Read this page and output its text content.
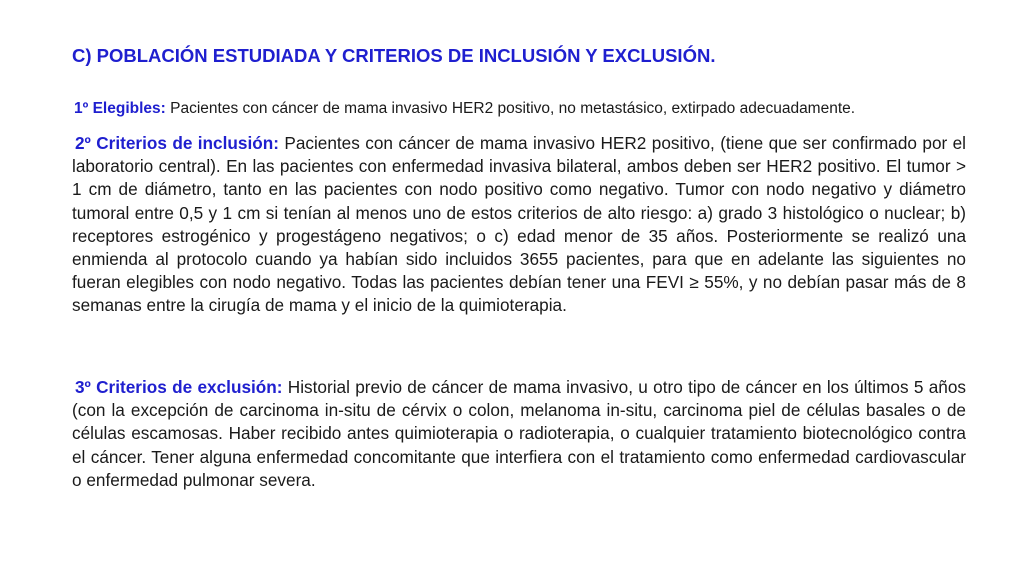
C) POBLACIÓN ESTUDIADA Y CRITERIOS DE INCLUSIÓN Y EXCLUSIÓN.
1º Elegibles: Pacientes con cáncer de mama invasivo HER2 positivo, no metastásico, extirpado adecuadamente.
2º Criterios de inclusión: Pacientes con cáncer de mama invasivo HER2 positivo, (tiene que ser confirmado por el laboratorio central). En las pacientes con enfermedad invasiva bilateral, ambos deben ser HER2 positivo. El tumor > 1 cm de diámetro, tanto en las pacientes con nodo positivo como negativo. Tumor con nodo negativo y diámetro tumoral entre 0,5 y 1 cm si tenían al menos uno de estos criterios de alto riesgo: a) grado 3 histológico o nuclear; b) receptores estrogénico y progestágeno negativos; o c) edad menor de 35 años. Posteriormente se realizó una enmienda al protocolo cuando ya habían sido incluidos 3655 pacientes, para que en adelante las siguientes no fueran elegibles con nodo negativo. Todas las pacientes debían tener una FEVI ≥ 55%, y no debían pasar más de 8 semanas entre la cirugía de mama y el inicio de la quimioterapia.
3º Criterios de exclusión: Historial previo de cáncer de mama invasivo, u otro tipo de cáncer en los últimos 5 años (con la excepción de carcinoma in-situ de cérvix o colon, melanoma in-situ, carcinoma piel de células basales o de células escamosas. Haber recibido antes quimioterapia o radioterapia, o cualquier tratamiento biotecnológico contra el cáncer. Tener alguna enfermedad concomitante que interfiera con el tratamiento como enfermedad cardiovascular o enfermedad pulmonar severa.
